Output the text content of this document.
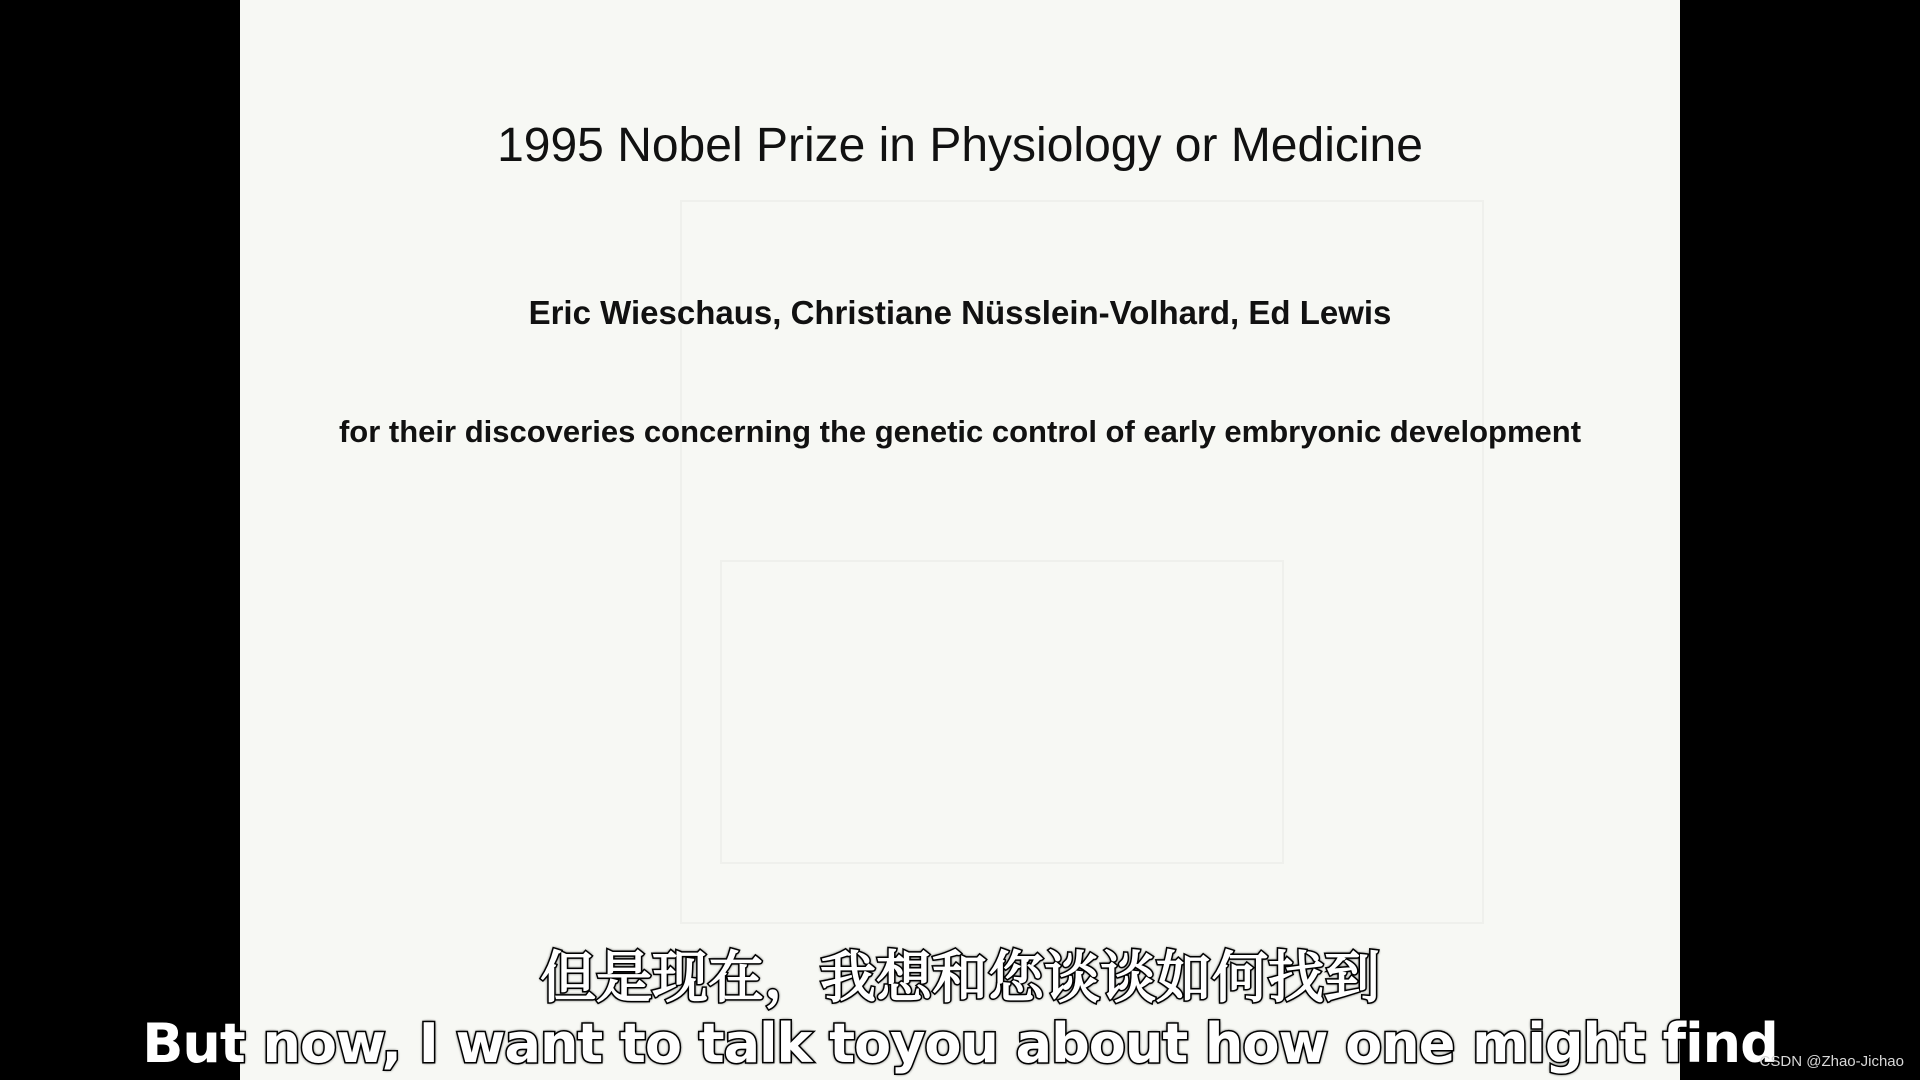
1995 Nobel Prize in Physiology or Medicine
Eric Wieschaus, Christiane Nüsslein-Volhard, Ed Lewis
for their discoveries concerning the genetic control of early embryonic development
但是现在，我想和您谈谈如何找到
But now, I want to talk toyou about how one might find
CSDN @Zhao-Jichao
